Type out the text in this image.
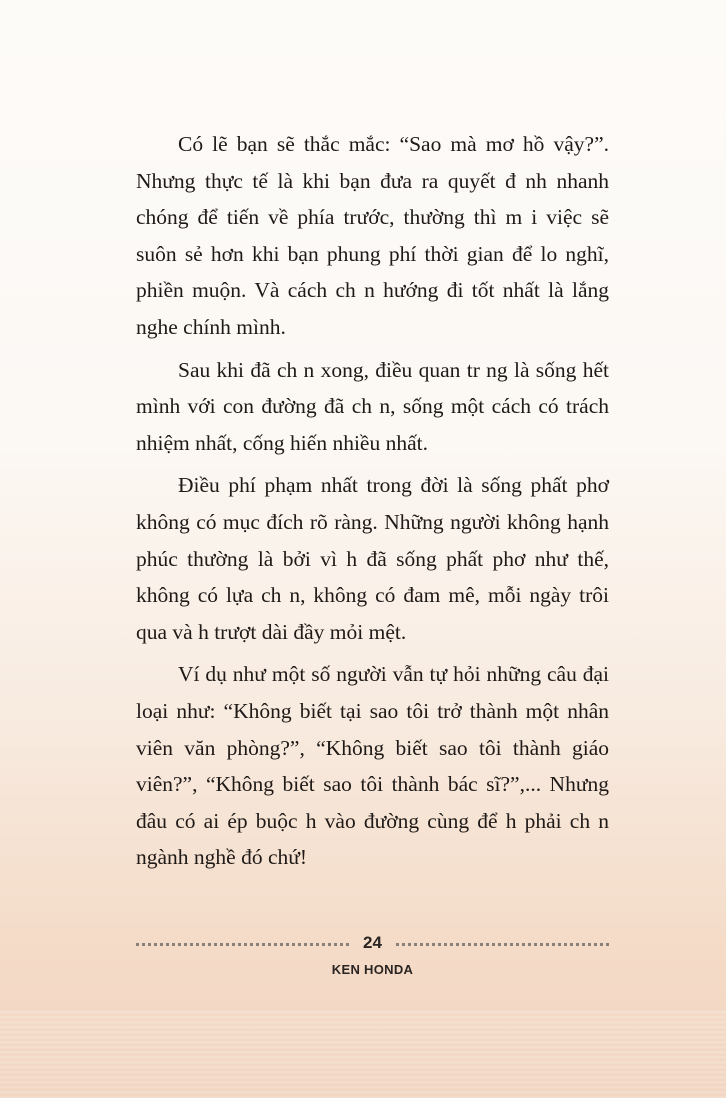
Có lẽ bạn sẽ thắc mắc: “Sao mà mơ hồ vậy?”. Nhưng thực tế là khi bạn đưa ra quyết đ nh nhanh chóng để tiến về phía trước, thường thì m i việc sẽ suôn sẻ hơn khi bạn phung phí thời gian để lo nghĩ, phiền muộn. Và cách ch n hướng đi tốt nhất là lắng nghe chính mình.

Sau khi đã ch n xong, điều quan tr ng là sống hết mình với con đường đã ch n, sống một cách có trách nhiệm nhất, cống hiến nhiều nhất.

Điều phí phạm nhất trong đời là sống phất phơ không có mục đích rõ ràng. Những người không hạnh phúc thường là bởi vì h đã sống phất phơ như thế, không có lựa ch n, không có đam mê, mỗi ngày trôi qua và h trượt dài đầy mỏi mệt.

Ví dụ như một số người vẫn tự hỏi những câu đại loại như: “Không biết tại sao tôi trở thành một nhân viên văn phòng?”, “Không biết sao tôi thành giáo viên?”, “Không biết sao tôi thành bác sĩ?”,... Nhưng đâu có ai ép buộc h vào đường cùng để h phải ch n ngành nghề đó chứ!

24
KEN HONDA
